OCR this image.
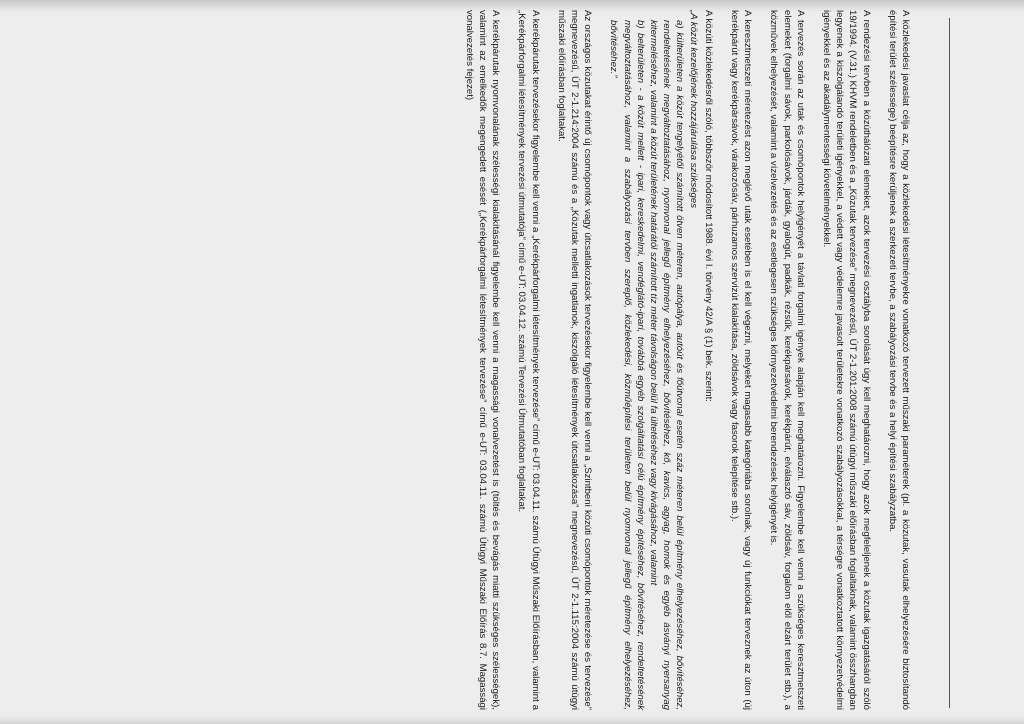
A közlekedési javaslat célja az, hogy a közlekedési létesítményekre vonatkozó tervezett műszaki paraméterek (pl. a közutak, vasutak elhelyezésére biztosítandó építési terület szélessége) beépítésre kerüljenek a szerkezeti tervbe, a szabályozási tervbe és a helyi építési szabályzatba.

A rendezési tervben a közúthálózati elemeket, azok tervezési osztályba sorolását úgy kell meghatározni, hogy azok megfeleljenek a közutak igazgatásáról szóló 19/1994. (V.31.) KHVM rendeletben és a „Közutak tervezése” megnevezésű, ÚT 2-1.201:2008 számú útügyi műszaki előírásban foglaltaknak, valamint összhangban legyenek a kiszolgálandó területi igényekkel, a védett vagy védelemre javasolt területekre vonatkozó szabályozásokkal, a térségre vonatkoztatott környezetvédelmi igényekkel és az akadálymentességi követelményekkel.

A tervezés során az utak és csomópontok helyigényét a távlati forgalmi igények alapján kell meghatározni. Figyelembe kell venni a szükséges keresztmetszeti elemeket (forgalmi sávok, parkolósávok, járdák, gyalogút, padkák, rézsűk, kerékpársávok, kerékpárút, elválasztó sáv, zöldsáv, forgalom elől elzárt terület stb.), a közművek elhelyezését, valamint a vízelvezetés és az esetlegesen szükséges környezetvédelmi berendezések helyigényét is.

A keresztmetszeti méretezést azon meglévő utak esetében is el kell végezni, melyeket magasabb kategóriába sorolnak, vagy új funkciókat terveznek az úton (új kerékpárút vagy kerékpársávok, várakozósáv, párhuzamos szervizút kialakítása, zöldsávok vagy fasorok telepítése stb.).

A közúti közlekedésről szóló, többször módosított 1988. évi I. törvény 42/A § (1) bek. szerint:

„A közút kezelőjének hozzájárulása szükséges

a) külterületen a közút tengelyétől számított ötven méteren, autópálya, autóút és főútvonal esetén száz méteren belül építmény elhelyezéséhez, bővítéséhez, rendeltetésének megváltoztatásához, nyomvonal jellegű építmény elhelyezéséhez, bővítéséhez, kő, kavics, agyag, homok és egyéb ásványi nyersanyag kitermeléséhez, valamint a közút területének határától számított tíz méter távolságon belül fa ültetéséhez vagy kivágásához, valamint

b) belterületen - a közút mellett - ipari, kereskedelmi, vendéglátó-ipari, továbbá egyéb szolgáltatási célú építmény építéséhez, bővítéséhez, rendeltetésének megváltoztatásához, valamint a szabályozási tervben szereplő, közlekedési, közműépítési területen belül nyomvonal jellegű építmény elhelyezéséhez, bővítéséhez.”

Az országos közutakat érintő új csomópontok vagy útcsatlakozások tervezésekor figyelembe kell venni a „Szintbeni közúti csomópontok méretezése és tervezése” megnevezésű, ÚT 2-1.214:2004 számú és a „Közutak melletti ingatlanok, kiszolgáló létesítmények útcsatlakozása” megnevezésű, ÚT 2-1.115:2004 számú útügyi műszaki előírásban foglaltakat.

A kerékpárutak tervezésekor figyelembe kell venni a „Kerékpárforgalmi létesítmények tervezése” című e-UT: 03.04.11. számú Útügyi Műszaki Előírásban, valamint a „Kerékpárforgalmi létesítmények tervezési útmutatója” című e-UT: 03.04.12. számú Tervezési Útmutatóban foglaltakat.

A kerékpárutak nyomvonalának szélességi kialakításánál figyelembe kell venni a magassági vonalvezetést is (töltés és bevágás miatti szükséges szélességek), valamint az emelkedők megengedett esését („Kerékpárforgalmi létesítmények tervezése” című e-UT: 03.04.11. számú Útügyi Műszaki Előírás 8.7. Magassági vonalvezetés fejezet)
